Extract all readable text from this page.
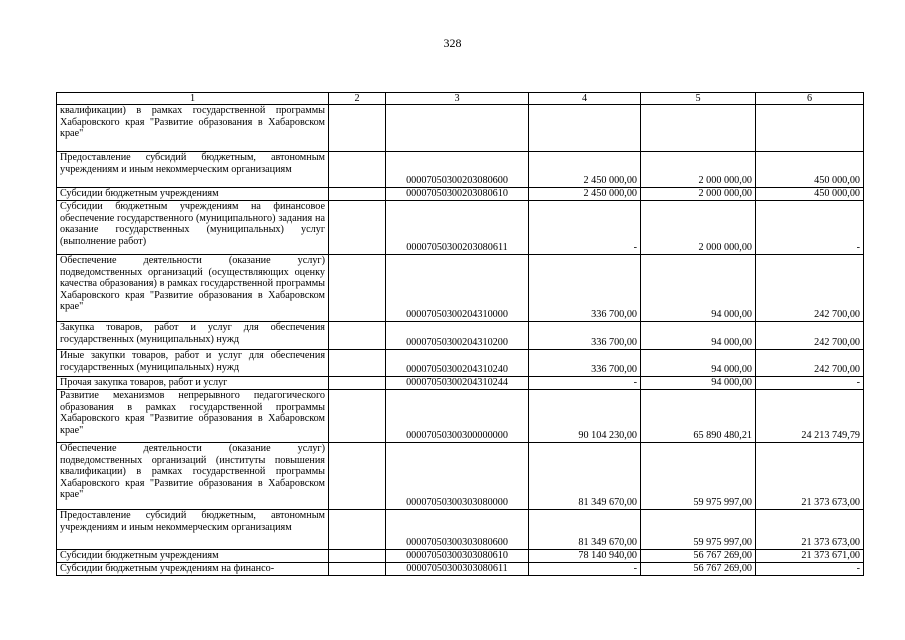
328
1	2	3	4	5	6
квалификации) в рамках государственной программы Хабаровского края "Развитие образования в Хабаровском крае"					
Предоставление субсидий бюджетным, автономным учреждениям и иным некоммерческим организациям		00007050300203080600	2 450 000,00	2 000 000,00	450 000,00
Субсидии бюджетным учреждениям		00007050300203080610	2 450 000,00	2 000 000,00	450 000,00
Субсидии бюджетным учреждениям на финансовое обеспечение государственного (муниципального) задания на оказание государственных (муниципальных) услуг (выполнение работ)		00007050300203080611	-	2 000 000,00	-
Обеспечение деятельности (оказание услуг) подведомственных организаций (осуществляющих оценку качества образования) в рамках государственной программы Хабаровского края "Развитие образования в Хабаровском крае"		00007050300204310000	336 700,00	94 000,00	242 700,00
Закупка товаров, работ и услуг для обеспечения государственных (муниципальных) нужд		00007050300204310200	336 700,00	94 000,00	242 700,00
Иные закупки товаров, работ и услуг для обеспечения государственных (муниципальных) нужд		00007050300204310240	336 700,00	94 000,00	242 700,00
Прочая закупка товаров, работ и услуг		00007050300204310244	-	94 000,00	-
Развитие механизмов непрерывного педагогического образования в рамках государственной программы Хабаровского края "Развитие образования в Хабаровском крае"		00007050300300000000	90 104 230,00	65 890 480,21	24 213 749,79
Обеспечение деятельности (оказание услуг) подведомственных организаций (институты повышения квалификации) в рамках государственной программы Хабаровского края "Развитие образования в Хабаровском крае"		00007050300303080000	81 349 670,00	59 975 997,00	21 373 673,00
Предоставление субсидий бюджетным, автономным учреждениям и иным некоммерческим организациям		00007050300303080600	81 349 670,00	59 975 997,00	21 373 673,00
Субсидии бюджетным учреждениям		00007050300303080610	78 140 940,00	56 767 269,00	21 373 671,00
Субсидии бюджетным учреждениям на финансо-		00007050300303080611	-	56 767 269,00	-
